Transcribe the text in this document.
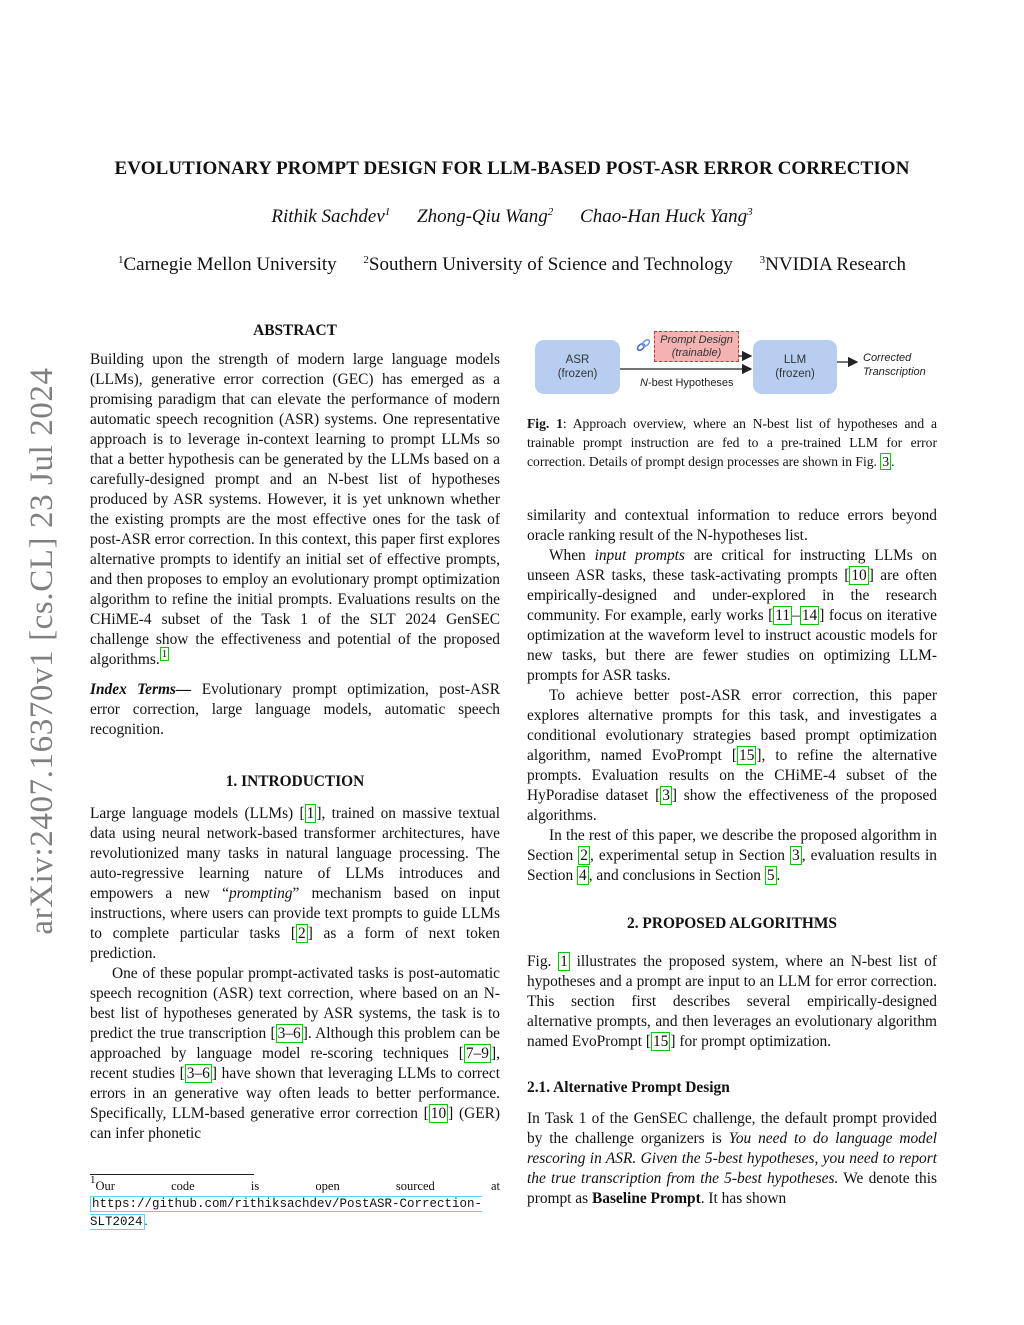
arXiv:2407.16370v1 [cs.CL] 23 Jul 2024
EVOLUTIONARY PROMPT DESIGN FOR LLM-BASED POST-ASR ERROR CORRECTION
Rithik Sachdev$^1$ Zhong-Qiu Wang$^2$ Chao-Han Huck Yang$^3$
$^1$Carnegie Mellon University $^2$Southern University of Science and Technology $^3$NVIDIA Research
ABSTRACT

Building upon the strength of modern large language models (LLMs), generative error correction (GEC) has emerged as a promising paradigm that can elevate the performance of modern automatic speech recognition (ASR) systems. One representative approach is to leverage in-context learning to prompt LLMs so that a better hypothesis can be generated by the LLMs based on a carefully-designed prompt and an N-best list of hypotheses produced by ASR systems. However, it is yet unknown whether the existing prompts are the most effective ones for the task of post-ASR error correction. In this context, this paper first explores alternative prompts to identify an initial set of effective prompts, and then proposes to employ an evolutionary prompt optimization algorithm to refine the initial prompts. Evaluations results on the CHiME-4 subset of the Task 1 of the SLT 2024 GenSEC challenge show the effectiveness and potential of the proposed algorithms. $^1$

Index Terms— Evolutionary prompt optimization, post-ASR error correction, large language models, automatic speech recognition.

1. INTRODUCTION

Large language models (LLMs) [ 1 ], trained on massive textual data using neural network-based transformer architectures, have revolutionized many tasks in natural language processing. The auto-regressive learning nature of LLMs introduces and empowers a new “prompting” mechanism based on input instructions, where users can provide text prompts to guide LLMs to complete particular tasks [ 2 ] as a form of next token prediction.

One of these popular prompt-activated tasks is post-automatic speech recognition (ASR) text correction, where based on an N-best list of hypotheses generated by ASR systems, the task is to predict the true transcription [ 3–6 ]. Although this problem can be approached by language model re-scoring techniques [ 7–9 ], recent studies [ 3–6 ] have shown that leveraging LLMs to correct errors in an generative way often leads to better performance. Specifically, LLM-based generative error correction [ 10 ] (GER) can infer phonetic

$^1$Our code is open sourced at https://github.com/rithiksachdev/PostASR-Correction-SLT2024 .
ASR
(frozen)
Prompt Design
(trainable)
LLM
(frozen)
N-best Hypotheses
Corrected
Transcription
Fig. 1: Approach overview, where an N-best list of hypotheses and a trainable prompt instruction are fed to a pre-trained LLM for error correction. Details of prompt design processes are shown in Fig. 3 .

similarity and contextual information to reduce errors beyond oracle ranking result of the N-hypotheses list.

When input prompts are critical for instructing LLMs on unseen ASR tasks, these task-activating prompts [ 10 ] are often empirically-designed and under-explored in the research community. For example, early works [ 11 – 14 ] focus on iterative optimization at the waveform level to instruct acoustic models for new tasks, but there are fewer studies on optimizing LLM-prompts for ASR tasks.

To achieve better post-ASR error correction, this paper explores alternative prompts for this task, and investigates a conditional evolutionary strategies based prompt optimization algorithm, named EvoPrompt [ 15 ], to refine the alternative prompts. Evaluation results on the CHiME-4 subset of the HyPoradise dataset [ 3 ] show the effectiveness of the proposed algorithms.

In the rest of this paper, we describe the proposed algorithm in Section 2 , experimental setup in Section 3 , evaluation results in Section 4 , and conclusions in Section 5 .

2. PROPOSED ALGORITHMS

Fig. 1 illustrates the proposed system, where an N-best list of hypotheses and a prompt are input to an LLM for error correction. This section first describes several empirically-designed alternative prompts, and then leverages an evolutionary algorithm named EvoPrompt [ 15 ] for prompt optimization.

2.1. Alternative Prompt Design

In Task 1 of the GenSEC challenge, the default prompt provided by the challenge organizers is You need to do language model rescoring in ASR. Given the 5-best hypotheses, you need to report the true transcription from the 5-best hypotheses. We denote this prompt as Baseline Prompt. It has shown
